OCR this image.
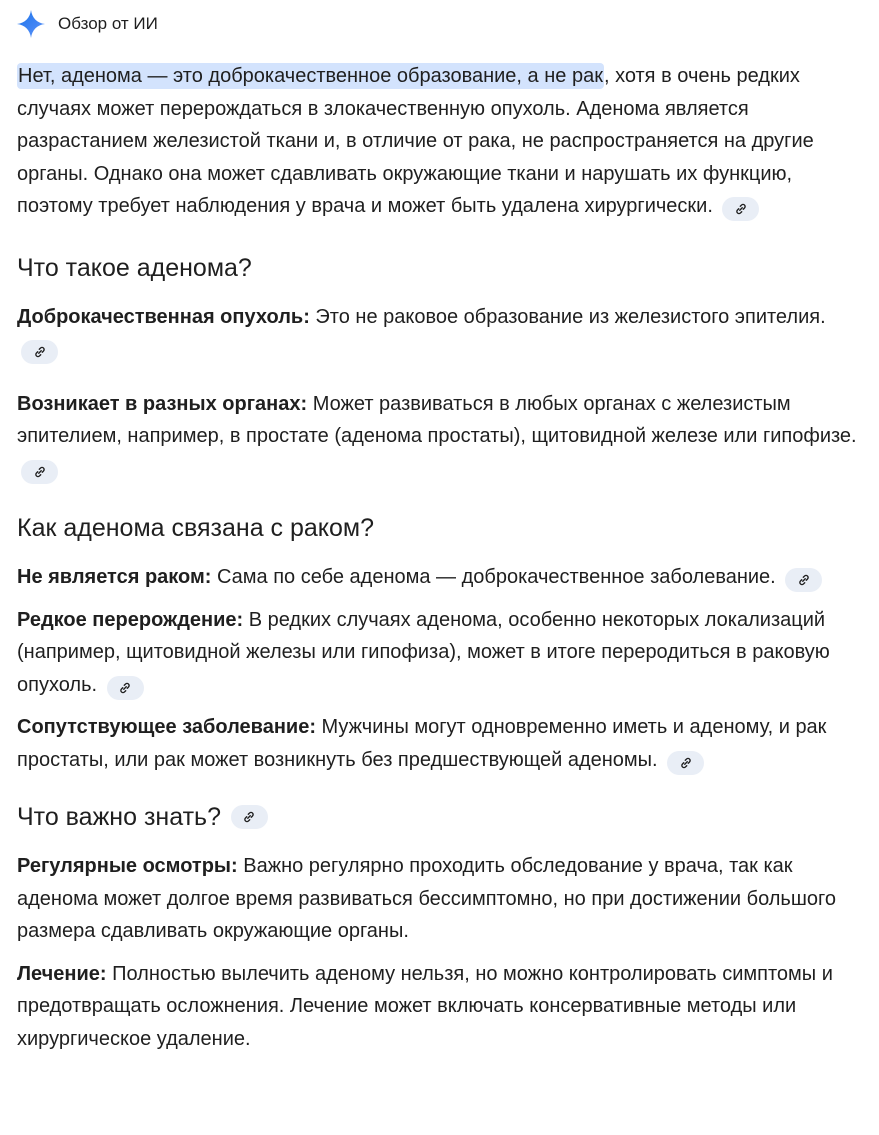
Обзор от ИИ

Нет, аденома — это доброкачественное образование, а не рак, хотя в очень редких случаях может перерождаться в злокачественную опухоль. Аденома является разрастанием железистой ткани и, в отличие от рака, не распространяется на другие органы. Однако она может сдавливать окружающие ткани и нарушать их функцию, поэтому требует наблюдения у врача и может быть удалена хирургически.

Что такое аденома?

Доброкачественная опухоль: Это не раковое образование из железистого эпителия.

Возникает в разных органах: Может развиваться в любых органах с железистым эпителием, например, в простате (аденома простаты), щитовидной железе или гипофизе.

Как аденома связана с раком?

Не является раком: Сама по себе аденома — доброкачественное заболевание.

Редкое перерождение: В редких случаях аденома, особенно некоторых локализаций (например, щитовидной железы или гипофиза), может в итоге переродиться в раковую опухоль.

Сопутствующее заболевание: Мужчины могут одновременно иметь и аденому, и рак простаты, или рак может возникнуть без предшествующей аденомы.

Что важно знать?

Регулярные осмотры: Важно регулярно проходить обследование у врача, так как аденома может долгое время развиваться бессимптомно, но при достижении большого размера сдавливать окружающие органы.

Лечение: Полностью вылечить аденому нельзя, но можно контролировать симптомы и предотвращать осложнения. Лечение может включать консервативные методы или хирургическое удаление.
